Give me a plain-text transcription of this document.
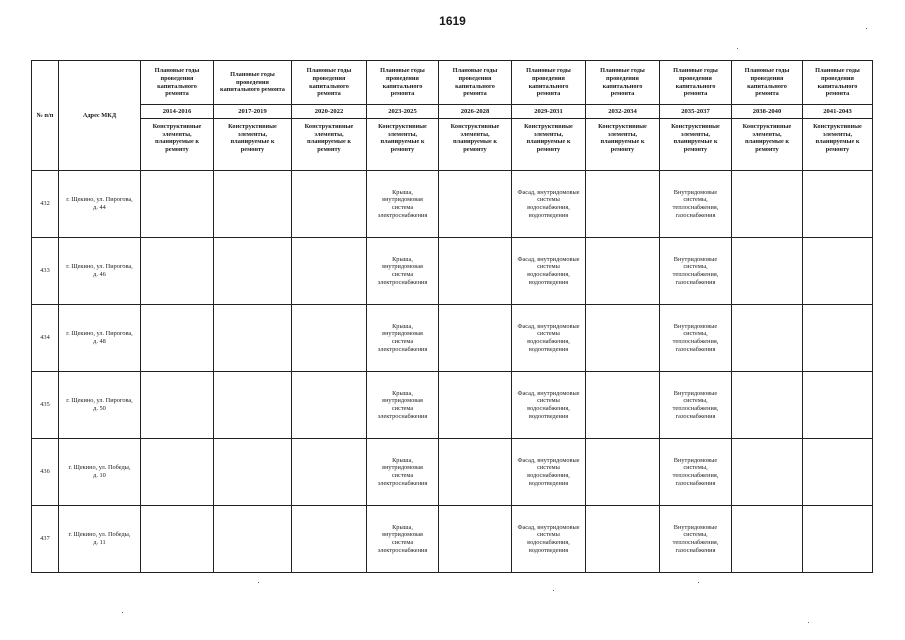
1619
№ п/п	Адрес МКД	Плановые годы
проведения
капитального
ремонта	Плановые годы
проведения
капитального ремонта	Плановые годы
проведения
капитального
ремонта	Плановые годы
проведения
капитального
ремонта	Плановые годы
проведения
капитального
ремонта	Плановые годы
проведения
капитального
ремонта	Плановые годы
проведения
капитального
ремонта	Плановые годы
проведения
капитального
ремонта	Плановые годы
проведения
капитального
ремонта	Плановые годы
проведения
капитального
ремонта
		2014-2016	2017-2019	2020-2022	2023-2025	2026-2028	2029-2031	2032-2034	2035-2037	2038-2040	2041-2043
		Конструктивные
элементы,
планируемые к
ремонту	Конструктивные
элементы,
планируемые к
ремонту	Конструктивные
элементы,
планируемые к
ремонту	Конструктивные
элементы,
планируемые к
ремонту	Конструктивные
элементы,
планируемые к
ремонту	Конструктивные
элементы,
планируемые к
ремонту	Конструктивные
элементы,
планируемые к
ремонту	Конструктивные
элементы,
планируемые к
ремонту	Конструктивные
элементы,
планируемые к
ремонту	Конструктивные
элементы,
планируемые к
ремонту
432	г. Щекино, ул. Пирогова,
д. 44				Крыша,
внутридомовая
система
электроснабжения		Фасад, внутридомовые
системы
водоснабжения,
водоотведения		Внутридомовые
системы,
теплоснабжения,
газоснабжения		
433	г. Щекино, ул. Пирогова,
д. 46				Крыша,
внутридомовая
система
электроснабжения		Фасад, внутридомовые
системы
водоснабжения,
водоотведения		Внутридомовые
системы,
теплоснабжения,
газоснабжения		
434	г. Щекино, ул. Пирогова,
д. 48				Крыша,
внутридомовая
система
электроснабжения		Фасад, внутридомовые
системы
водоснабжения,
водоотведения		Внутридомовые
системы,
теплоснабжения,
газоснабжения		
435	г. Щекино, ул. Пирогова,
д. 50				Крыша,
внутридомовая
система
электроснабжения		Фасад, внутридомовые
системы
водоснабжения,
водоотведения		Внутридомовые
системы,
теплоснабжения,
газоснабжения		
436	г. Щекино, ул. Победы,
д. 10				Крыша,
внутридомовая
система
электроснабжения		Фасад, внутридомовые
системы
водоснабжения,
водоотведения		Внутридомовые
системы,
теплоснабжения,
газоснабжения		
437	г. Щекино, ул. Победы,
д. 11				Крыша,
внутридомовая
система
электроснабжения		Фасад, внутридомовые
системы
водоснабжения,
водоотведения		Внутридомовые
системы,
теплоснабжения,
газоснабжения		
